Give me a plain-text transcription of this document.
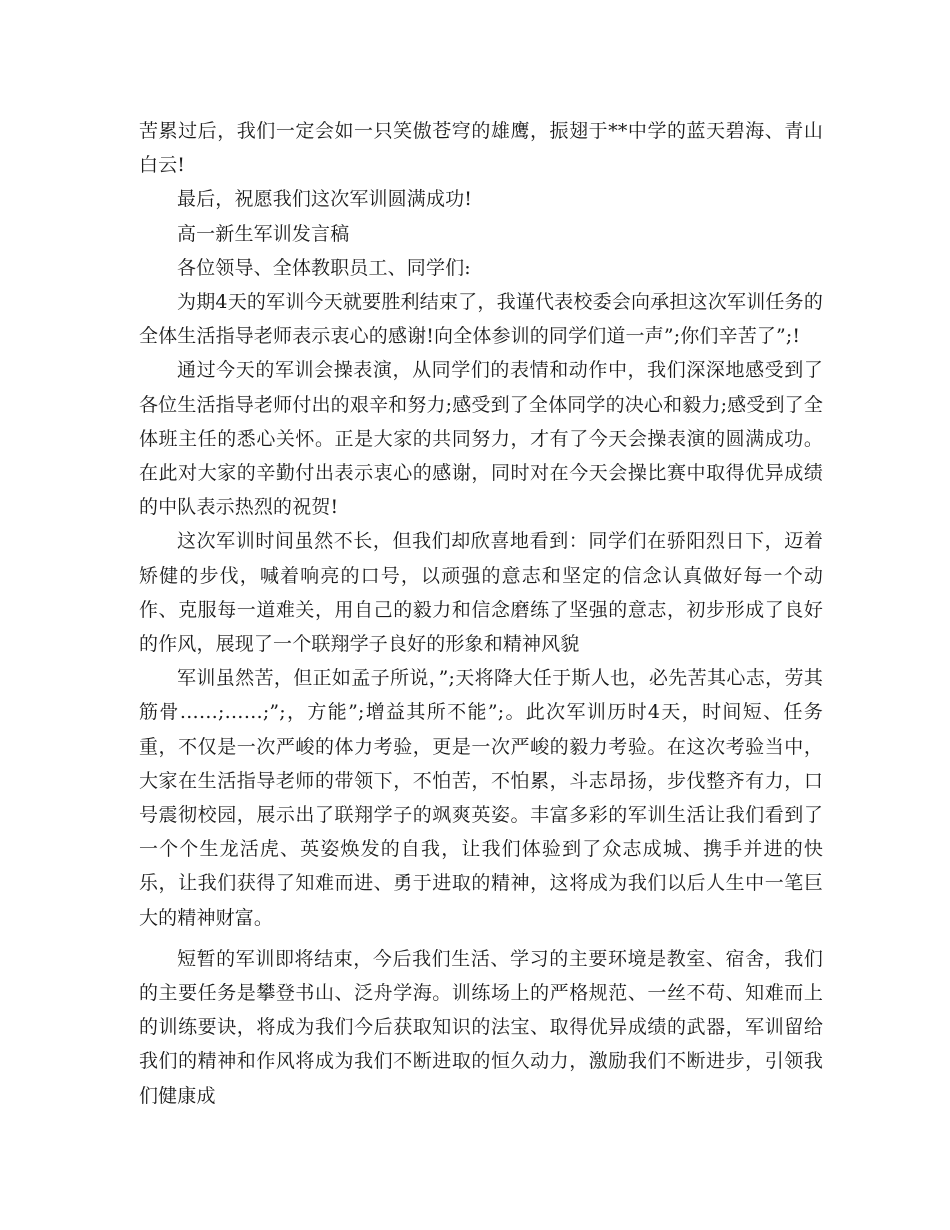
苦累过后，我们一定会如一只笑傲苍穹的雄鹰，振翅于**中学的蓝天碧海、青山白云!

最后，祝愿我们这次军训圆满成功!

高一新生军训发言稿

各位领导、全体教职员工、同学们:

为期4天的军训今天就要胜利结束了，我谨代表校委会向承担这次军训任务的全体生活指导老师表示衷心的感谢!向全体参训的同学们道一声”;你们辛苦了”;!

通过今天的军训会操表演，从同学们的表情和动作中，我们深深地感受到了各位生活指导老师付出的艰辛和努力;感受到了全体同学的决心和毅力;感受到了全体班主任的悉心关怀。正是大家的共同努力，才有了今天会操表演的圆满成功。在此对大家的辛勤付出表示衷心的感谢，同时对在今天会操比赛中取得优异成绩的中队表示热烈的祝贺!

这次军训时间虽然不长，但我们却欣喜地看到：同学们在骄阳烈日下，迈着矫健的步伐，喊着响亮的口号，以顽强的意志和坚定的信念认真做好每一个动作、克服每一道难关，用自己的毅力和信念磨练了坚强的意志，初步形成了良好的作风，展现了一个联翔学子良好的形象和精神风貌

军训虽然苦，但正如孟子所说，”;天将降大任于斯人也，必先苦其心志，劳其筋骨……;……;”;，方能”;增益其所不能”;。此次军训历时4天，时间短、任务重，不仅是一次严峻的体力考验，更是一次严峻的毅力考验。在这次考验当中，大家在生活指导老师的带领下，不怕苦，不怕累，斗志昂扬，步伐整齐有力，口号震彻校园，展示出了联翔学子的飒爽英姿。丰富多彩的军训生活让我们看到了一个个生龙活虎、英姿焕发的自我，让我们体验到了众志成城、携手并进的快乐，让我们获得了知难而进、勇于进取的精神，这将成为我们以后人生中一笔巨大的精神财富。

短暂的军训即将结束，今后我们生活、学习的主要环境是教室、宿舍，我们的主要任务是攀登书山、泛舟学海。训练场上的严格规范、一丝不苟、知难而上的训练要诀，将成为我们今后获取知识的法宝、取得优异成绩的武器，军训留给我们的精神和作风将成为我们不断进取的恒久动力，激励我们不断进步，引领我们健康成
